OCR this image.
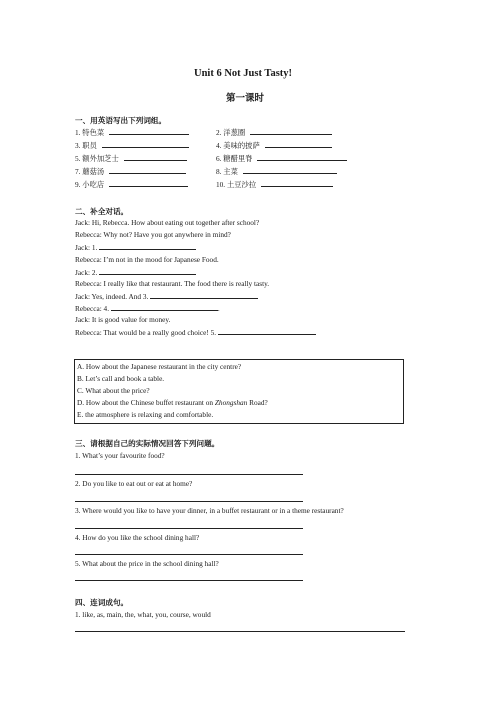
Unit 6 Not Just Tasty!
第一课时
一、用英语写出下列词组。
1. 特色菜	2. 洋葱圈
3. 职员	4. 美味的披萨
5. 额外加芝士	6. 糖醋里脊
7. 蘑菇汤	8. 主菜
9. 小吃店	10. 土豆沙拉
二、补全对话。
Jack: Hi, Rebecca. How about eating out together after school?
Rebecca: Why not? Have you got anywhere in mind?
Jack: 1.
Rebecca: I’m not in the mood for Japanese Food.
Jack: 2.
Rebecca: I really like that restaurant. The food there is really tasty.
Jack: Yes, indeed. And 3.
Rebecca: 4.	.
Jack: It is good value for money.
Rebecca: That would be a really good choice! 5.
A. How about the Japanese restaurant in the city centre?
B. Let’s call and book a table.
C. What about the price?
D. How about the Chinese buffet restaurant on Zhongshan Road?
E. the atmosphere is relaxing and comfortable.
三、请根据自己的实际情况回答下列问题。
1. What’s your favourite food?
2. Do you like to eat out or eat at home?
3. Where would you like to have your dinner, in a buffet restaurant or in a theme restaurant?
4. How do you like the school dining hall?
5. What about the price in the school dining hall?
四、连词成句。
1. like, as, main, the, what, you, course, would
